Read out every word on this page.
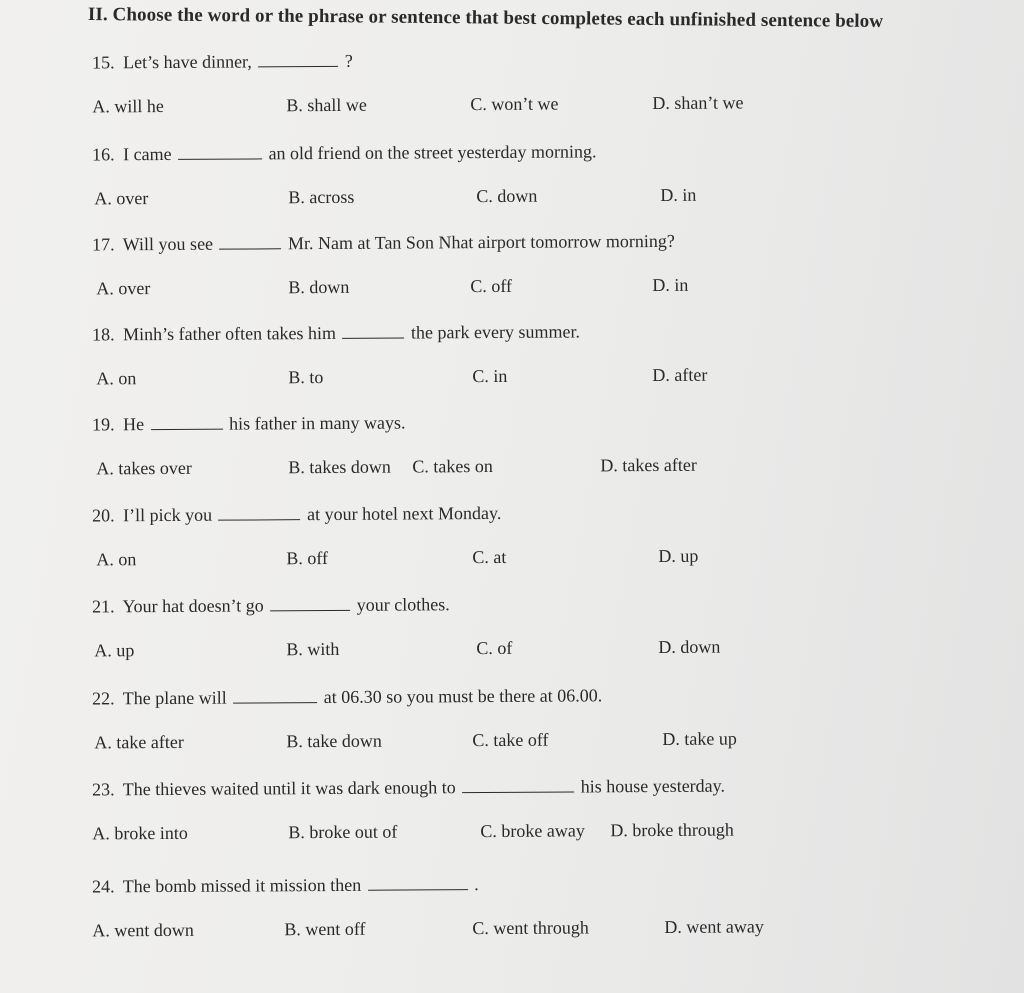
II. Choose the word or the phrase or sentence that best completes each unfinished sentence below
15. Let’s have dinner,	?
A. will he	B. shall we	C. won’t we	D. shan’t we
16. I came	an old friend on the street yesterday morning.
A. over	B. across	C. down	D. in
17. Will you see	Mr. Nam at Tan Son Nhat airport tomorrow morning?
A. over	B. down	C. off	D. in
18. Minh’s father often takes him	the park every summer.
A. on	B. to	C. in	D. after
19. He	his father in many ways.
A. takes over	B. takes down C. takes on	D. takes after
20. I’ll pick you	at your hotel next Monday.
A. on	B. off	C. at	D. up
21. Your hat doesn’t go	your clothes.
A. up	B. with	C. of	D. down
22. The plane will	at 06.30 so you must be there at 06.00.
A. take after	B. take down	C. take off	D. take up
23. The thieves waited until it was dark enough to	his house yesterday.
A. broke into	B. broke out of	C. broke away D. broke through
24. The bomb missed it mission then	.
A. went down	B. went off	C. went through	D. went away
